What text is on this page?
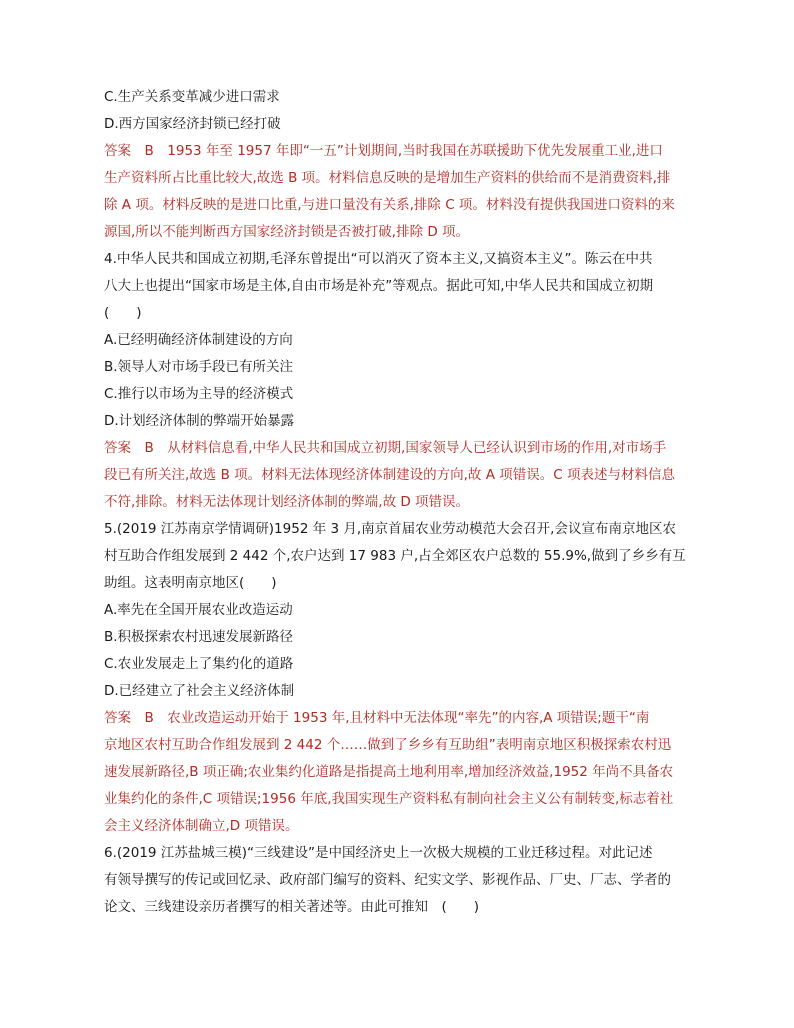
C.生产关系变革减少进口需求
D.西方国家经济封锁已经打破
答案　B　1953 年至 1957 年即“一五”计划期间,当时我国在苏联援助下优先发展重工业,进口
生产资料所占比重比较大,故选 B 项。材料信息反映的是增加生产资料的供给而不是消费资料,排
除 A 项。材料反映的是进口比重,与进口量没有关系,排除 C 项。材料没有提供我国进口资料的来
源国,所以不能判断西方国家经济封锁是否被打破,排除 D 项。
4.中华人民共和国成立初期,毛泽东曾提出“可以消灭了资本主义,又搞资本主义”。陈云在中共
八大上也提出“国家市场是主体,自由市场是补充”等观点。据此可知,中华人民共和国成立初期
(　　)
A.已经明确经济体制建设的方向
B.领导人对市场手段已有所关注
C.推行以市场为主导的经济模式
D.计划经济体制的弊端开始暴露
答案　B　从材料信息看,中华人民共和国成立初期,国家领导人已经认识到市场的作用,对市场手
段已有所关注,故选 B 项。材料无法体现经济体制建设的方向,故 A 项错误。C 项表述与材料信息
不符,排除。材料无法体现计划经济体制的弊端,故 D 项错误。
5.(2019 江苏南京学情调研)1952 年 3 月,南京首届农业劳动模范大会召开,会议宣布南京地区农
村互助合作组发展到 2 442 个,农户达到 17 983 户,占全郊区农户总数的 55.9%,做到了乡乡有互
助组。这表明南京地区(　　)
A.率先在全国开展农业改造运动
B.积极探索农村迅速发展新路径
C.农业发展走上了集约化的道路
D.已经建立了社会主义经济体制
答案　B　农业改造运动开始于 1953 年,且材料中无法体现“率先”的内容,A 项错误;题干“南
京地区农村互助合作组发展到 2 442 个……做到了乡乡有互助组”表明南京地区积极探索农村迅
速发展新路径,B 项正确;农业集约化道路是指提高土地利用率,增加经济效益,1952 年尚不具备农
业集约化的条件,C 项错误;1956 年底,我国实现生产资料私有制向社会主义公有制转变,标志着社
会主义经济体制确立,D 项错误。
6.(2019 江苏盐城三模)“三线建设”是中国经济史上一次极大规模的工业迁移过程。对此记述
有领导撰写的传记或回忆录、政府部门编写的资料、纪实文学、影视作品、厂史、厂志、学者的
论文、三线建设亲历者撰写的相关著述等。由此可推知　(　　)
